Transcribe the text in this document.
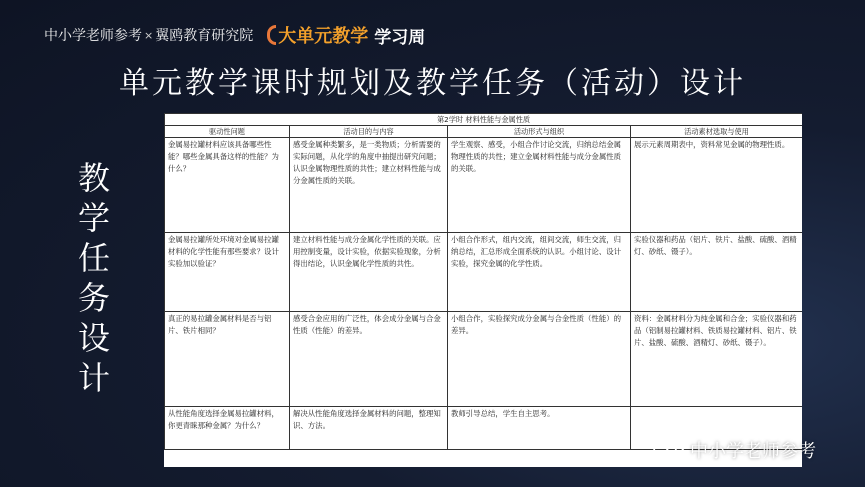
中小学老师参考 × 翼鸥教育研究院 大单元教学 学习周
单元教学课时规划及教学任务（活动）设计
教
学
任
务
设
计
第2学时 材料性能与金属性质			
驱动性问题	活动目的与内容	活动形式与组织	活动素材选取与使用
金属易拉罐材料应该具备哪些性能？哪些金属具备这样的性能？为什么？	感受金属种类繁多，是一类物质；分析需要的实际问题，从化学的角度中抽提出研究问题；认识金属物理性质的共性；建立材料性能与成分金属性质的关联。	学生观察、感受，小组合作讨论交流，归纳总结金属物理性质的共性；建立金属材料性能与成分金属性质的关联。	展示元素周期表中，资料常见金属的物理性质。
金属易拉罐所处环境对金属易拉罐材料的化学性能有那些要求？设计实验加以验证？	建立材料性能与成分金属化学性质的关联。应用控制变量，设计实验，依据实验现象，分析得出结论，认识金属化学性质的共性。	小组合作形式，组内交流，组间交流，师生交流，归纳总结，汇总形成全面系统的认识。小组讨论、设计实验，探究金属的化学性质。	实验仪器和药品（铝片、铁片、盐酸、硫酸、酒精灯、砂纸、镊子）。
真正的易拉罐金属材料是否与铝片、铁片相同？	感受合金应用的广泛性，体会成分金属与合金性质（性能）的差异。	小组合作，实验探究成分金属与合金性质（性能）的差异。	资料：金属材料分为纯金属和合金；实验仪器和药品（铝制易拉罐材料、铁质易拉罐材料、铝片、铁片、盐酸、硫酸、酒精灯、砂纸、镊子）。
从性能角度选择金属易拉罐材料，你更青睐那种金属？为什么？	解决从性能角度选择金属材料的问题，整理知识、方法。	教师引导总结，学生自主思考。	
中小学老师参考
